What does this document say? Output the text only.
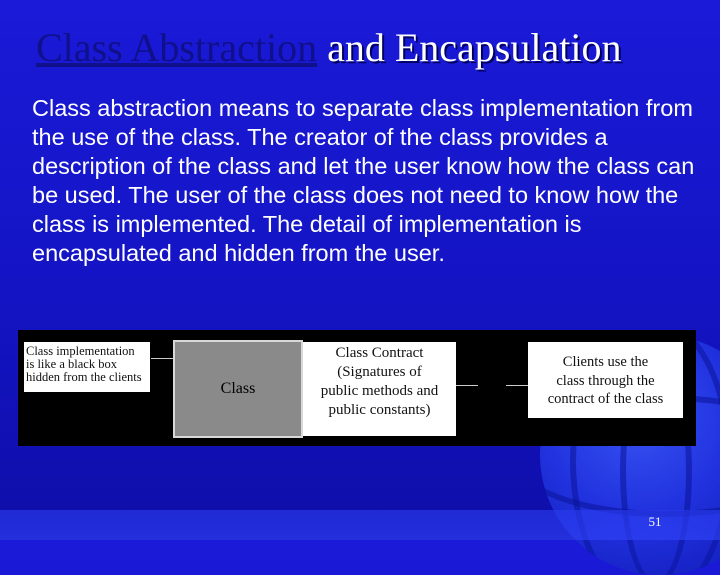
Class Abstraction and Encapsulation

Class abstraction means to separate class implementation from the use of the class. The creator of the class provides a description of the class and let the user know how the class can be used. The user of the class does not need to know how the class is implemented. The detail of implementation is encapsulated and hidden from the user.

Class implementation
is like a black box
hidden from the clients
Class
Class Contract
(Signatures of
public methods and
public constants)
Clients use the
class through the
contract of the class
51
